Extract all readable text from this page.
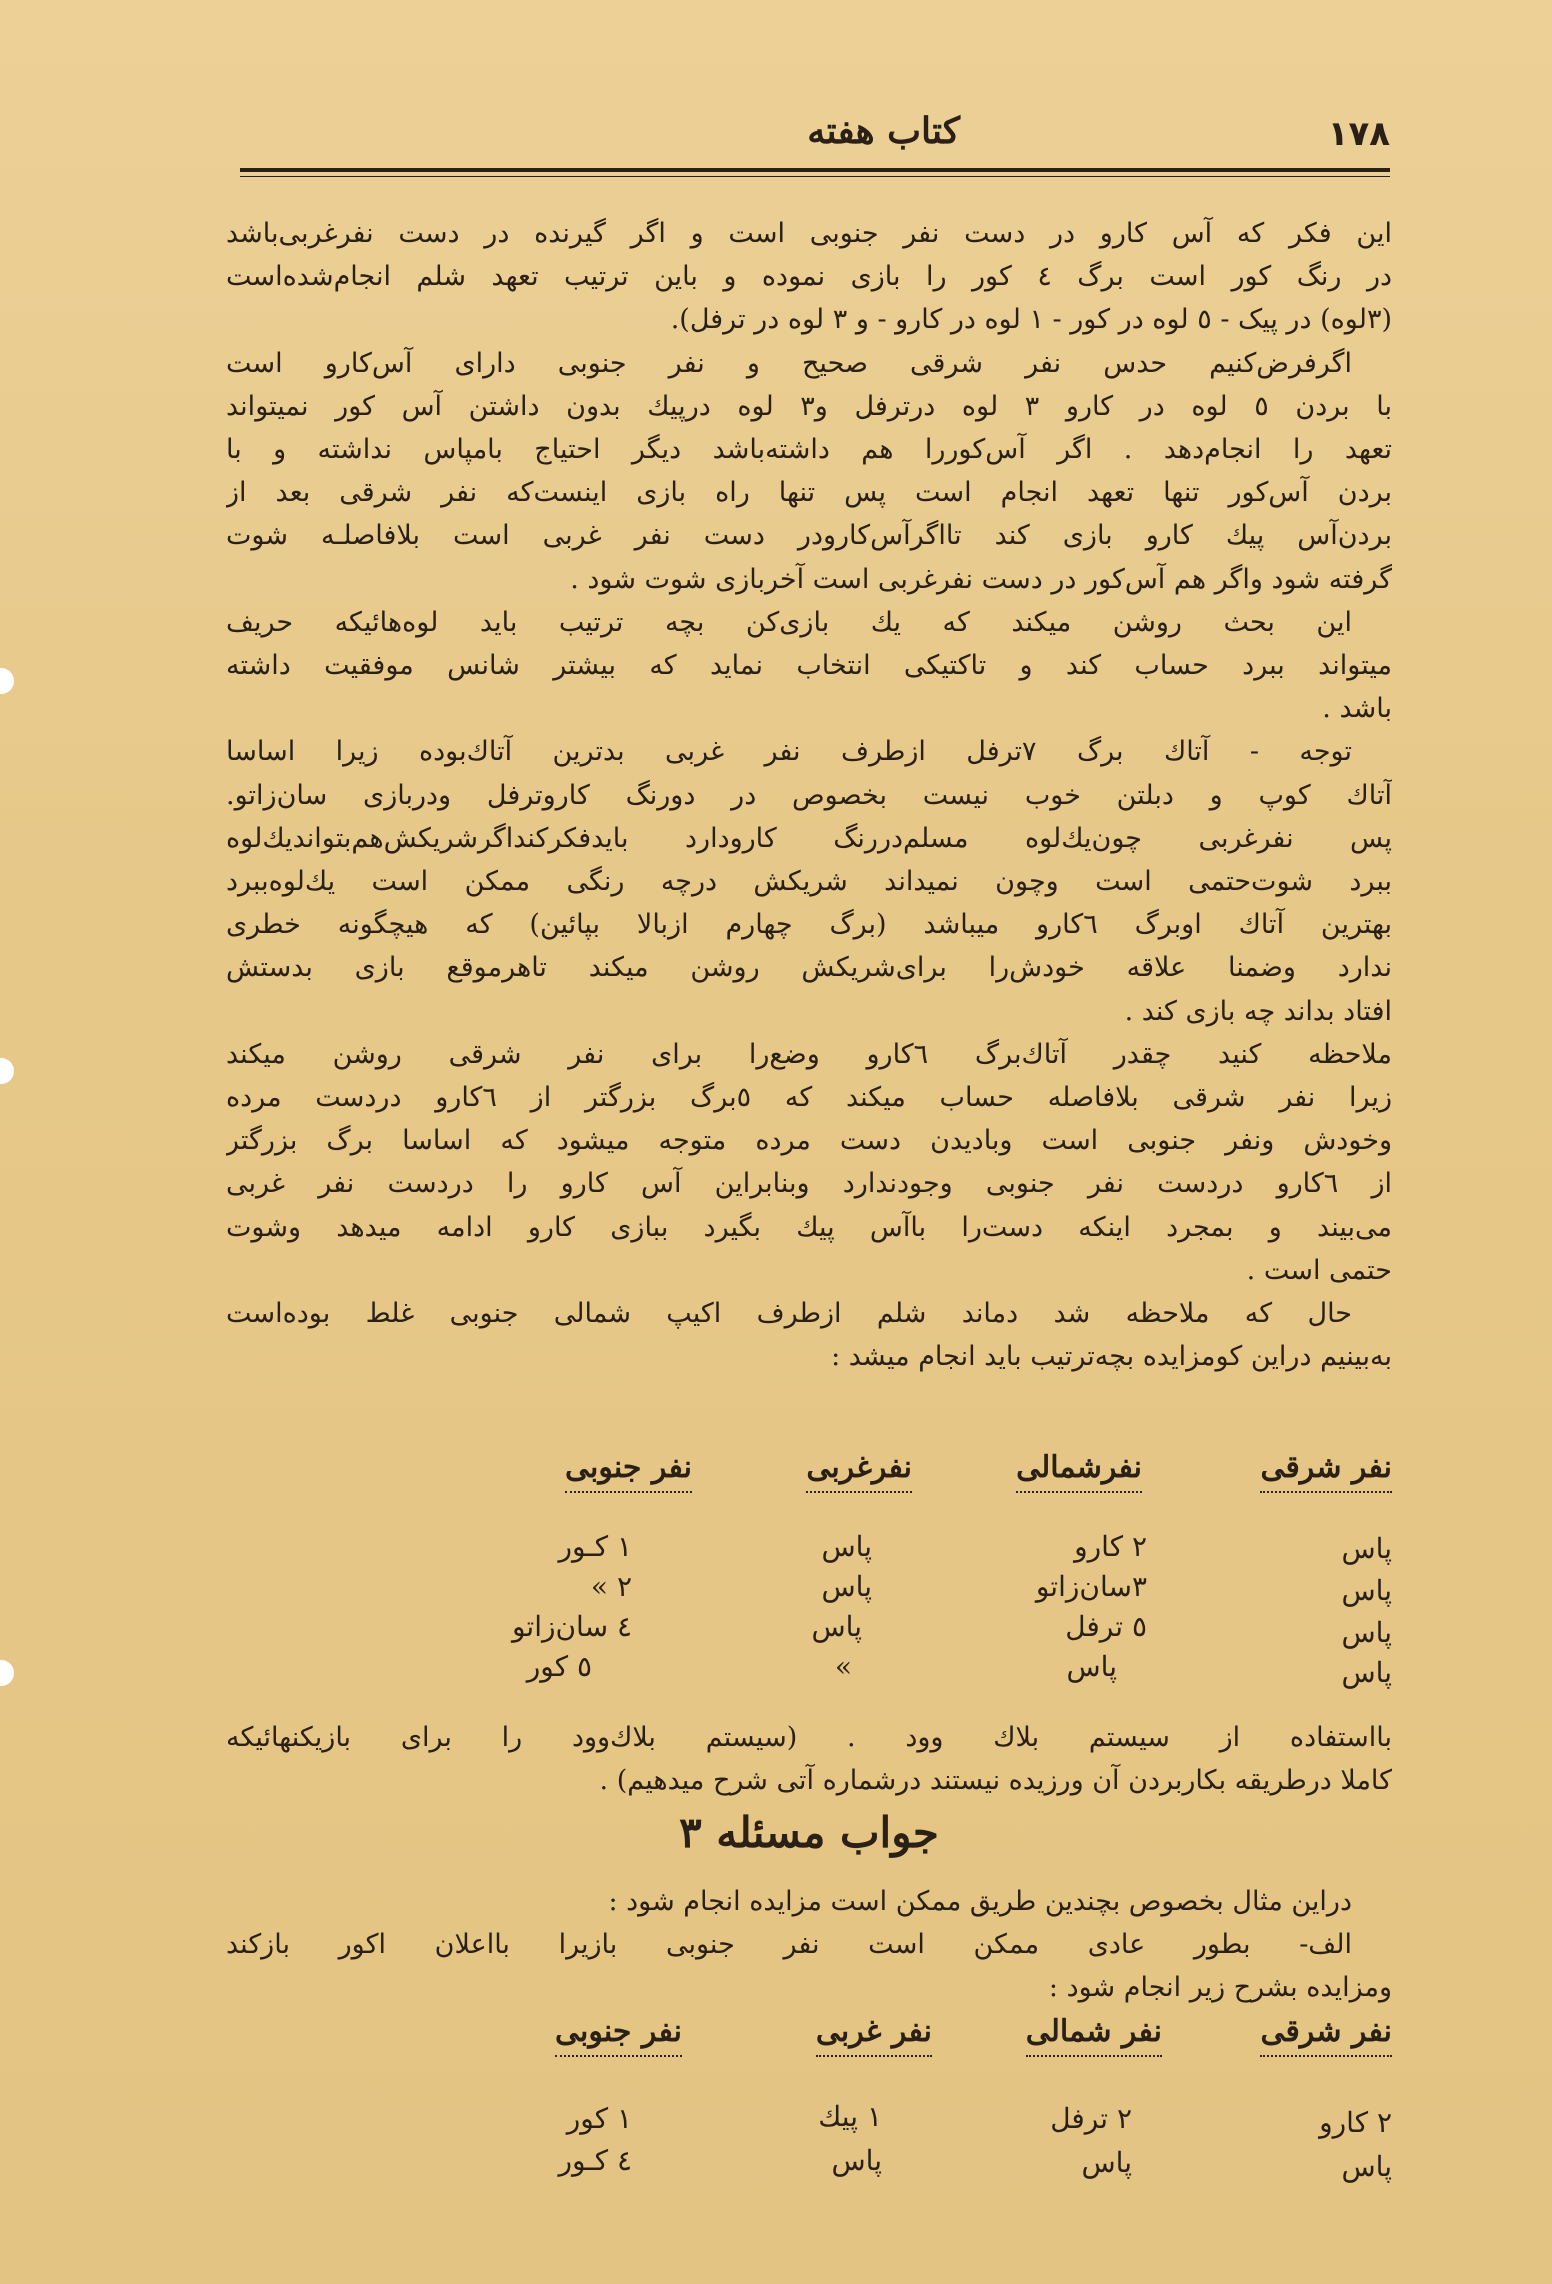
۱۷۸
کتاب هفته
این فکر که آس کارو در دست نفر جنوبی است و اگر گیرنده در دست نفرغربی‌باشد
در رنگ کور است برگ ٤ کور را بازی نموده و باین ترتیب تعهد شلم انجام‌شده‌است
(۳لوه) در پیک - ٥ لوه در کور - ۱ لوه در کارو - و ۳ لوه در ترفل).
اگرفرض‌کنیم حدس نفر شرقی صحیح و نفر جنوبی دارای آس‌کارو است
با بردن ٥ لوه در کارو ۳ لوه درترفل و۳ لوه درپیك بدون داشتن آس کور نمیتواند
تعهد را انجام‌دهد . اگر آس‌کوررا هم داشته‌باشد دیگر احتیاج بامپاس نداشته و با
بردن آس‌کور تنها تعهد انجام است پس تنها راه بازی اینست‌که نفر شرقی بعد از
بردن‌آس پیك کارو بازی کند تااگرآس‌کارودر دست نفر غربی است بلافاصلـه شوت
گرفته شود واگر هم آس‌کور در دست نفرغربی است آخربازی شوت شود .
این بحث روشن میکند که یك بازی‌کن بچه ترتیب باید لوه‌هائیکه حریف
میتواند ببرد حساب کند و تاکتیکی انتخاب نماید که بیشتر شانس موفقیت داشته
باشد .
توجه - آتاك برگ ۷ترفل ازطرف نفر غربی بدترین آتاك‌بوده زیرا اساسا
آتاك کوپ و دبلتن خوب نیست بخصوص در دورنگ کاروترفل ودربازی سان‌زاتو.
پس نفرغربی چون‌یك‌لوه مسلم‌دررنگ کارودارد بایدفکرکنداگرشریکش‌هم‌بتواندیك‌لوه
ببرد شوت‌حتمی است وچون نمیداند شریکش درچه رنگی ممکن است یك‌لوه‌ببرد
بهترین آتاك اوبرگ ٦کارو میباشد (برگ چهارم ازبالا بپائین) که هیچگونه خطری
ندارد وضمنا علاقه خودش‌را برای‌شریکش روشن میکند تاهرموقع بازی بدستش
افتاد بداند چه بازی کند .
ملاحظه کنید چقدر آتاك‌برگ ٦کارو وضع‌را برای نفر شرقی روشن میکند
زیرا نفر شرقی بلافاصله حساب میکند که ٥برگ بزرگتر از ٦کارو دردست مرده
وخودش ونفر جنوبی است وبادیدن دست مرده متوجه میشود که اساسا برگ بزرگتر
از ٦کارو دردست نفر جنوبی وجودندارد وبنابراین آس کارو را دردست نفر غربی
می‌بیند و بمجرد اینکه دست‌را باآس پیك بگیرد ببازی کارو ادامه میدهد وشوت
حتمی است .
حال که ملاحظه شد دماند شلم ازطرف اکیپ شمالی جنوبی غلط بوده‌است
به‌بینیم دراین کومزایده بچه‌ترتیب باید انجام میشد :
نفر شرقی
نفرشمالی
نفرغربی
نفر جنوبی
پاس
۲ کارو
پاس
۱ کـور
پاس
۳سان‌زاتو
پاس
۲ »
پاس
٥ ترفل
پاس
٤ سان‌زاتو
پاس
پاس
»
٥ کور
بااستفاده از سیستم بلاك وود . (سیستم بلاك‌وود را برای بازیکنهائیکه
کاملا درطریقه بکاربردن آن ورزیده نیستند درشماره آتی شرح میدهیم) .
جواب مسئله ۳
دراین مثال بخصوص بچندین طریق ممکن است مزایده انجام شود :
الف- بطور عادی ممکن است نفر جنوبی بازیرا بااعلان اکور بازکند
ومزایده بشرح زیر انجام شود :
نفر شرقی
نفر شمالی
نفر غربی
نفر جنوبی
۲ کارو
۲ ترفل
۱ پیك
۱ کور
پاس
پاس
پاس
٤ کـور
